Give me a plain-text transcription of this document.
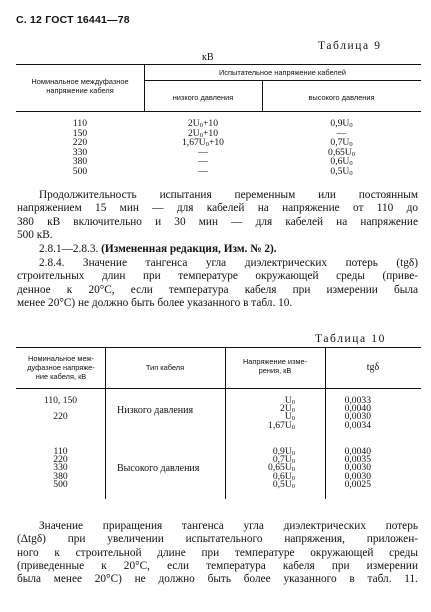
С. 12 ГОСТ 16441—78
Таблица 9
кВ
Номинальное междуфазное напряжение кабеля
Испытательное напряжение кабелей
низкого давления	высокого давления
110
150
220
330
380
500
$2U_0+10$
$2U_0+10$
$1,67U_0+10$
—
—
—
$0,9U_0$
—
$0,7U_0$
$0,65U_0$
$0,6U_0$
$0,5U_0$
Продолжительность испытания переменным или постоянным
напряжением 15 мин — для кабелей на напряжение от 110 до
380 кВ включительно и 30 мин — для кабелей на напряжение
500 кВ.
2.8.1—2.8.3. (Измененная редакция, Изм. № 2).
2.8.4. Значение тангенса угла диэлектрических потерь (tgδ)
строительных длин при температуре окружающей среды (приве-
денное к 20°С, если температура кабеля при измерении была
менее 20°С) не должно быть более указанного в табл. 10.
Таблица 10
Номинальное меж-дуфазное напряже-ние кабеля, кВ
Тип кабеля
Напряжение изме-рения, кВ	tgδ
110, 150
220
Низкого давления
$U_0$
$2U_0$
$U_0$
$1,67U_0$
0,0033
0,0040
0,0030
0,0034
110
220
330
380
500
Высокого давления
$0,9U_0$
$0,7U_0$
$0,65U_0$
$0,6U_0$
$0,5U_0$
0,0040
0,0035
0,0030
0,0030
0,0025
Значение приращения тангенса угла диэлектрических потерь
(Δtgδ) при увеличении испытательного напряжения, приложен-
ного к строительной длине при температуре окружающей среды
(приведенные к 20°С, если температура кабеля при измерении
была менее 20°С) не должно быть более указанного в табл. 11.
